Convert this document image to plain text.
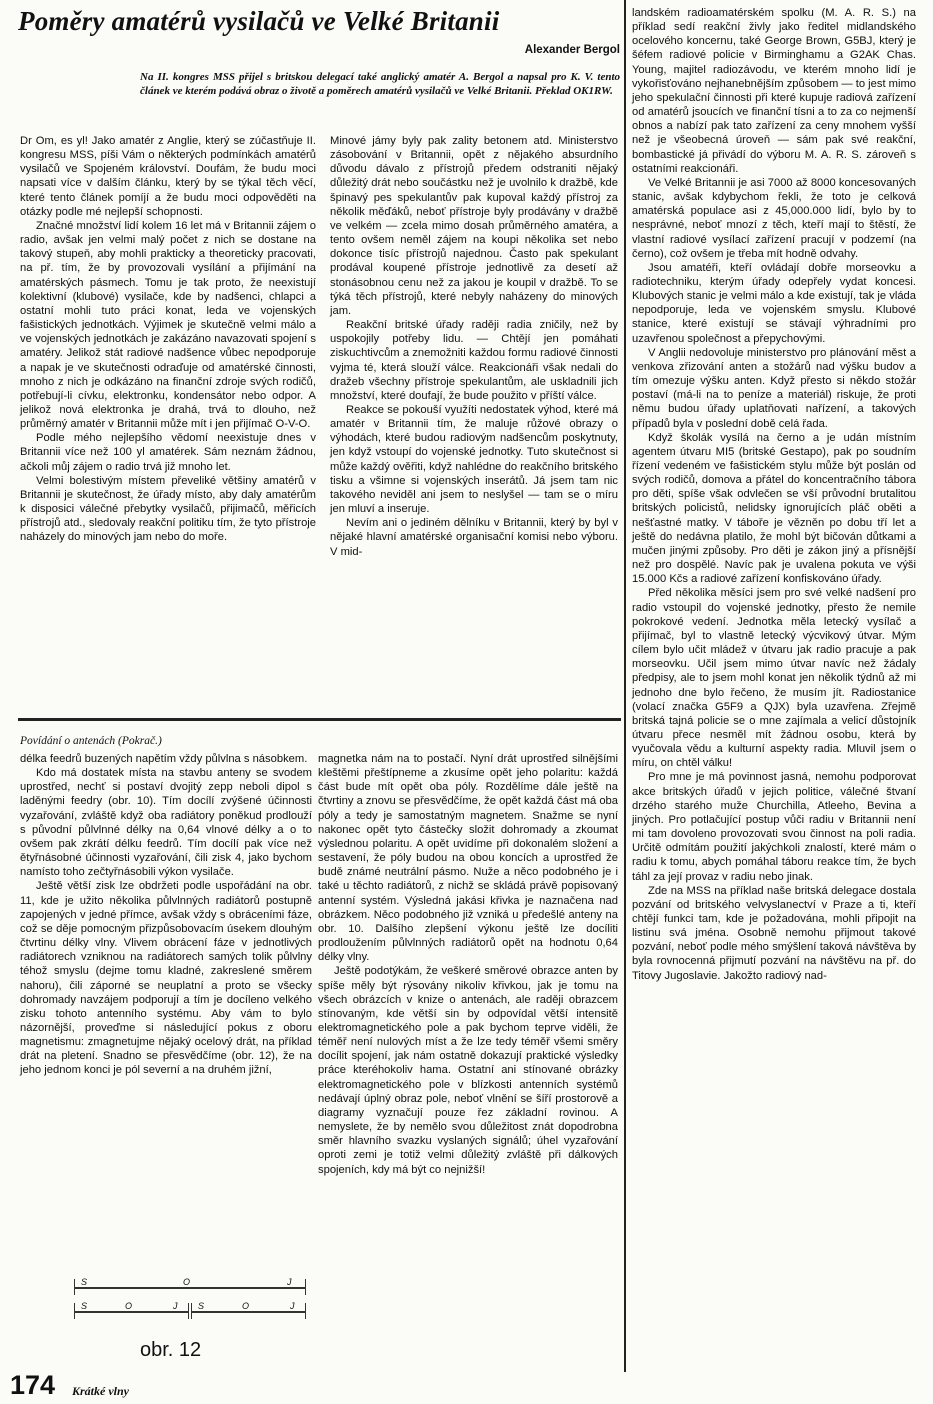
Poměry amatérů vysilačů ve Velké Britanii
Alexander Bergol
Na II. kongres MSS přijel s britskou delegací také anglický amatér A. Bergol a napsal pro K. V. tento článek ve kterém podává obraz o životě a poměrech amatérů vysilačů ve Velké Britanii. Překlad OK1RW.

Dr Om, es yl! Jako amatér z Anglie, který se zúčastňuje II. kongresu MSS, píši Vám o některých podmínkách amatérů vysilačů ve Spojeném království. Doufám, že budu moci napsati více v dalším článku, který by se týkal těch věcí, které tento článek pomíjí a že budu moci odpověděti na otázky podle mé nejlepší schopnosti.

Značné množství lidí kolem 16 let má v Britannii zájem o radio, avšak jen velmi malý počet z nich se dostane na takový stupeň, aby mohli prakticky a theoreticky pracovati, na př. tím, že by provozovali vysílání a přijímání na amatérských pásmech. Tomu je tak proto, že neexistují kolektivní (klubové) vysilače, kde by nadšenci, chlapci a ostatní mohli tuto práci konat, leda ve vojenských fašistických jednotkách. Výjimek je skutečně velmi málo a ve vojenských jednotkách je zakázáno navazovati spojení s amatéry. Jelikož stát radiové nadšence vůbec nepodporuje a napak je ve skutečnosti odraďuje od amatérské činnosti, mnoho z nich je odkázáno na finanční zdroje svých rodičů, potřebují-li cívku, elektronku, kondensátor nebo odpor. A jelikož nová elektronka je drahá, trvá to dlouho, než průměrný amatér v Britannii může mít i jen přijímač O-V-O.

Podle mého nejlepšího vědomí neexistuje dnes v Britannii více než 100 yl amatérek. Sám neznám žádnou, ačkoli můj zájem o radio trvá již mnoho let.

Velmi bolestivým místem převeliké většiny amatérů v Britannii je skutečnost, že úřady místo, aby daly amatérům k disposici válečné přebytky vysilačů, přijimačů, měřicích přístrojů atd., sledovaly reakční politiku tím, že tyto přístroje naházely do minových jam nebo do moře.

Minové jámy byly pak zality betonem atd. Ministerstvo zásobování v Britannii, opět z nějakého absurdního důvodu dávalo z přístrojů předem odstraniti nějaký důležitý drát nebo součástku než je uvolnilo k dražbě, kde špinavý pes spekulantův pak kupoval každý přístroj za několik měďáků, neboť přístroje byly prodávány v dražbě ve velkém — zcela mimo dosah průměrného amatéra, a tento ovšem neměl zájem na koupi několika set nebo dokonce tisíc přístrojů najednou. Často pak spekulant prodával koupené přístroje jednotlivě za desetí až stonásobnou cenu než za jakou je koupil v dražbě. To se týká těch přístrojů, které nebyly naházeny do minových jam.

Reakční britské úřady raději radia zničily, než by uspokojily potřeby lidu. — Chtějí jen pomáhati ziskuchtivcům a znemožniti každou formu radiové činnosti vyjma té, která slouží válce. Reakcionáři však nedali do dražeb všechny přístroje spekulantům, ale uskladnili jich množství, které doufají, že bude použito v příští válce.

Reakce se pokouší využíti nedostatek výhod, které má amatér v Britannii tím, že maluje růžové obrazy o výhodách, které budou radiovým nadšencům poskytnuty, jen když vstoupí do vojenské jednotky. Tuto skutečnost si může každý ověřiti, když nahlédne do reakčního britského tisku a všimne si vojenských inserátů. Já jsem tam nic takového neviděl ani jsem to neslyšel — tam se o míru jen mluví a inseruje.

Nevím ani o jediném dělníku v Britannii, který by byl v nějaké hlavní amatérské organisační komisi nebo výboru. V mid-

landském radioamatérském spolku (M. A. R. S.) na příklad sedí reakční živly jako ředitel midlandského ocelového koncernu, také George Brown, G5BJ, který je šéfem radiové policie v Birminghamu a G2AK Chas. Young, majitel radiozávodu, ve kterém mnoho lidí je vykořisťováno nejhanebnějším způsobem — to jest mimo jeho spekulační činnosti při které kupuje radiová zařízení od amatérů jsoucích ve finanční tísni a to za co nejmenší obnos a nabízí pak tato zařízení za ceny mnohem vyšší než je všeobecná úroveň — sám pak své reakční, bombastické já přivádí do výboru M. A. R. S. zároveň s ostatními reakcionáři.

Ve Velké Britannii je asi 7000 až 8000 koncesovaných stanic, avšak kdybychom řekli, že toto je celková amatérská populace asi z 45,000.000 lidí, bylo by to nesprávné, neboť mnozí z těch, kteří mají to štěstí, že vlastní radiové vysílací zařízení pracují v podzemí (na černo), což ovšem je třeba mít hodně odvahy.

Jsou amatéři, kteří ovládají dobře morseovku a radiotechniku, kterým úřady odepřely vydat koncesi. Klubových stanic je velmi málo a kde existují, tak je vláda nepodporuje, leda ve vojenském smyslu. Klubové stanice, které existují se stávají výhradními pro uzavřenou společnost a přepychovými.

V Anglii nedovoluje ministerstvo pro plánování měst a venkova zřizování anten a stožárů nad výšku budov a tím omezuje výšku anten. Když přesto si někdo stožár postaví (má-li na to peníze a materiál) riskuje, že proti němu budou úřady uplatňovati nařízení, a takových případů byla v poslední době celá řada.

Když školák vysílá na černo a je udán místním agentem útvaru MI5 (britské Gestapo), pak po soudním řízení vedeném ve fašistickém stylu může být poslán od svých rodičů, domova a přátel do koncentračního tábora pro děti, spíše však odvlečen se vší průvodní brutalitou britských policistů, nelidsky ignorujících pláč oběti a nešťastné matky. V táboře je vězněn po dobu tří let a ještě do nedávna platilo, že mohl být bičován důtkami a mučen jinými způsoby. Pro děti je zákon jiný a přísnější než pro dospělé. Navíc pak je uvalena pokuta ve výši 15.000 Kčs a radiové zařízení konfiskováno úřady.

Před několika měsíci jsem pro své velké nadšení pro radio vstoupil do vojenské jednotky, přesto že nemile pokrokové vedení. Jednotka měla letecký vysílač a přijímač, byl to vlastně letecký výcvikový útvar. Mým cílem bylo učit mládež v útvaru jak radio pracuje a pak morseovku. Učil jsem mimo útvar navíc než žádaly předpisy, ale to jsem mohl konat jen několik týdnů až mi jednoho dne bylo řečeno, že musím jít. Radiostanice (volací značka G5F9 a QJX) byla uzavřena. Zřejmě britská tajná policie se o mne zajímala a velicí důstojník útvaru přece nesměl mít žádnou osobu, která by vyučovala vědu a kulturní aspekty radia. Mluvil jsem o míru, on chtěl válku!

Pro mne je má povinnost jasná, nemohu podporovat akce britských úřadů v jejich politice, válečné štvaní drzého starého muže Churchilla, Atleeho, Bevina a jiných. Pro potlačující postup vůči radiu v Britannii není mi tam dovoleno provozovati svou činnost na poli radia. Určitě odmítám použití jakýchkoli znalostí, které mám o radiu k tomu, abych pomáhal táboru reakce tím, že bych táhl za její provaz v radiu nebo jinak.

Zde na MSS na příklad naše britská delegace dostala pozvání od britského velvyslanectví v Praze a ti, kteří chtějí funkci tam, kde je požadována, mohli připojit na listinu svá jména. Osobně nemohu přijmout takové pozvání, neboť podle mého smýšlení taková návštěva by byla rovnocenná přijmutí pozvání na návštěvu na př. do Titovy Jugoslavie. Jakožto radiový nad-

Povídání o antenách (Pokrač.)

délka feedrů buzených napětím vždy půlvlna s násobkem.

Kdo má dostatek místa na stavbu anteny se svodem uprostřed, nechť si postaví dvojitý zepp neboli dipol s laděnými feedry (obr. 10). Tím docílí zvýšené účinnosti vyzařování, zvláště když oba radiátory poněkud prodlouží s původní půlvlnné délky na 0,64 vlnové délky a o to ovšem pak zkrátí délku feedrů. Tím docílí pak více než ětyřnásobné účinnosti vyzařování, čili zisk 4, jako bychom namísto toho zečtyřnásobili výkon vysilače.

Ještě větší zisk lze obdržeti podle uspořádání na obr. 11, kde je užito několika půlvlnných radiátorů postupně zapojených v jedné přímce, avšak vždy s obráceními fáze, což se děje pomocným přizpůsobovacím úsekem dlouhým čtvrtinu délky vlny. Vlivem obrácení fáze v jednotlivých radiátorech vzniknou na radiátorech samých tolik půlvlny téhož smyslu (dejme tomu kladné, zakreslené směrem nahoru), čili záporné se neuplatní a proto se všecky dohromady navzájem podporují a tím je docíleno velkého zisku tohoto antenního systému. Aby vám to bylo názornější, proveďme si následující pokus z oboru magnetismu: zmagnetujme nějaký ocelový drát, na příklad drát na pletení. Snadno se přesvědčíme (obr. 12), že na jeho jednom konci je pól severní a na druhém jižní,

magnetka nám na to postačí. Nyní drát uprostřed silnějšími kleštěmi přeštípneme a zkusíme opět jeho polaritu: každá část bude mít opět oba póly. Rozdělíme dále ještě na čtvrtiny a znovu se přesvědčíme, že opět každá část má oba póly a tedy je samostatným magnetem. Snažme se nyní nakonec opět tyto částečky složit dohromady a zkoumat výslednou polaritu. A opět uvidíme při dokonalém složení a sestavení, že póly budou na obou koncích a uprostřed že budě známé neutrální pásmo. Nuže a něco podobného je i také u těchto radiátorů, z nichž se skládá právě popisovaný antenní systém. Výsledná jakási křivka je naznačena nad obrázkem. Něco podobného již vzniká u předešlé anteny na obr. 10. Dalšího zlepšení výkonu ještě lze docíliti prodloužením půlvlnných radiátorů opět na hodnotu 0,64 délky vlny.

Ještě podotýkám, že veškeré směrové obrazce anten by spíše měly být rýsovány nikoliv křivkou, jak je tomu na všech obrázcích v knize o antenách, ale raději obrazcem stínovaným, kde větší sin by odpovídal větší intensitě elektromagnetického pole a pak bychom teprve viděli, že téměř není nulových míst a že lze tedy téměř všemi směry docílit spojení, jak nám ostatně dokazují praktické výsledky práce kteréhokoliv hama. Ostatní ani stínované obrázky elektromagnetického pole v blízkosti antenních systémů nedávají úplný obraz pole, neboť vlnění se šíří prostorově a diagramy vyznačují pouze řez základní rovinou. A nemyslete, že by nemělo svou důležitost znát dopodrobna směr hlavního svazku vyslaných signálů; úhel vyzařování oproti zemi je totiž velmi důležitý zvláště při dálkových spojeních, kdy má být co nejnižší!

S	O	J
S	O	J S	O	J
obr. 12
174 Krátké vlny
